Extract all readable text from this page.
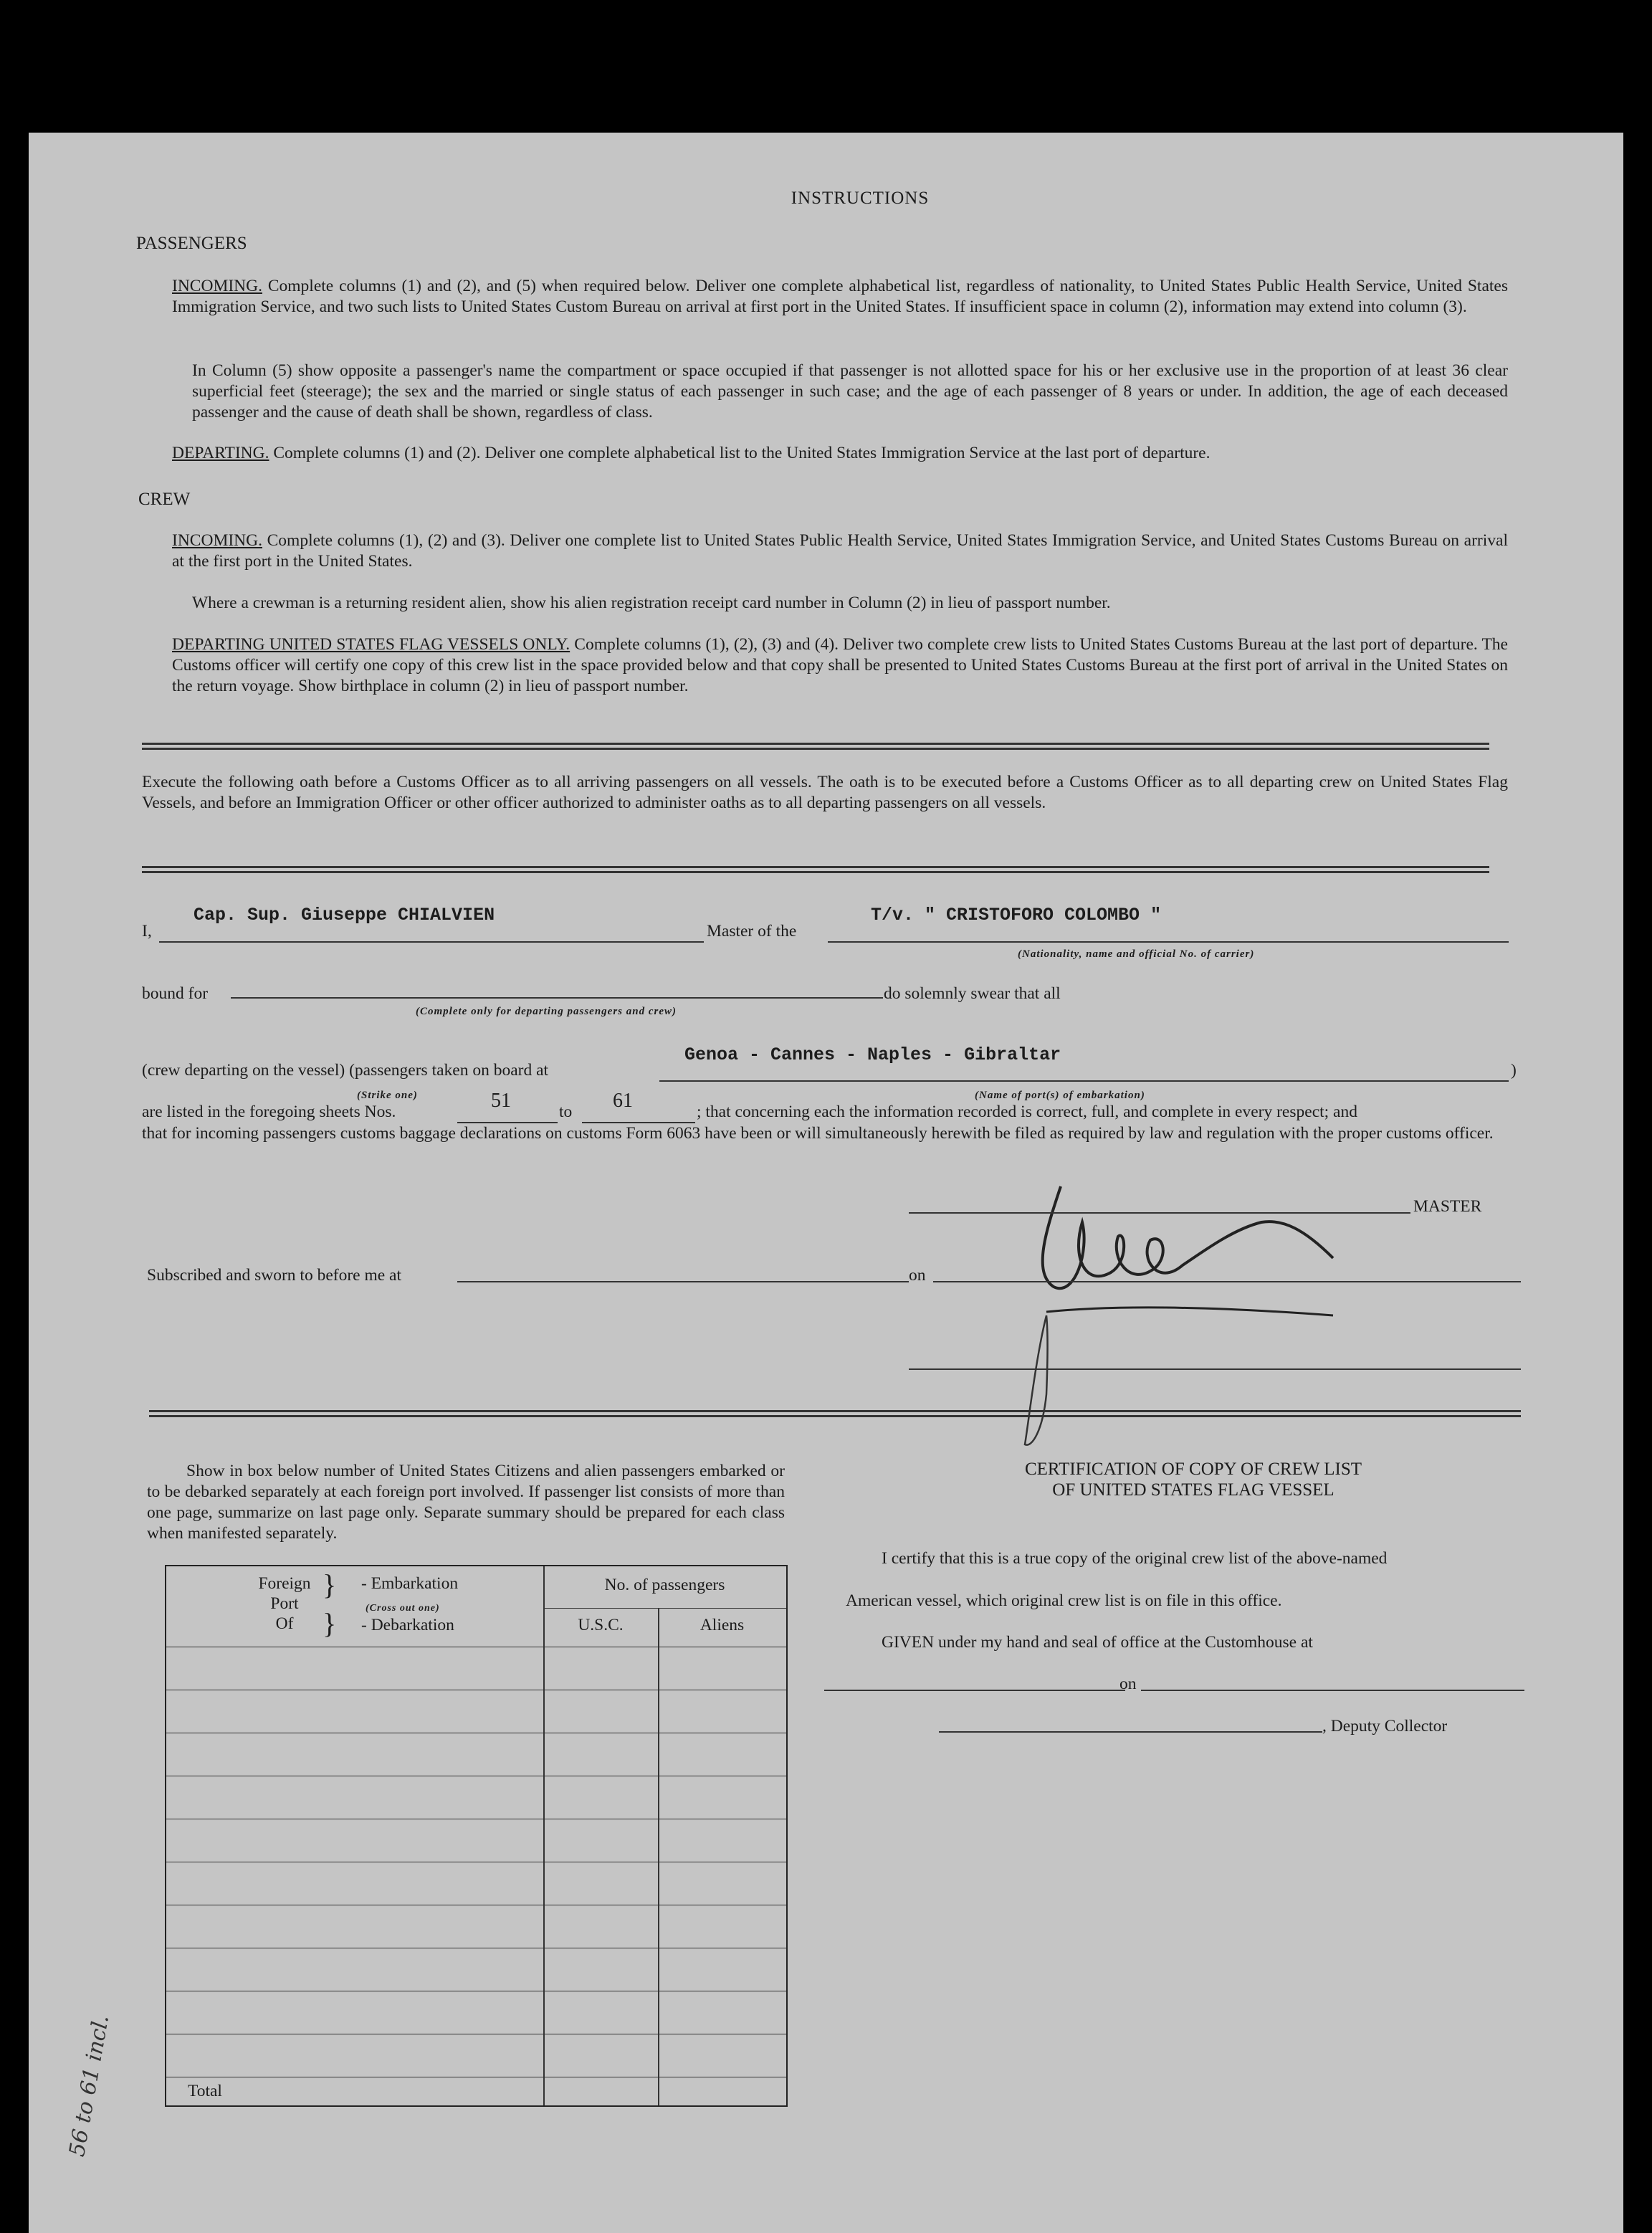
INSTRUCTIONS
PASSENGERS
INCOMING. Complete columns (1) and (2), and (5) when required below. Deliver one complete alphabetical list, regardless of nationality, to United States Public Health Service, United States Immigration Service, and two such lists to United States Custom Bureau on arrival at first port in the United States. If insufficient space in column (2), information may extend into column (3).
In Column (5) show opposite a passenger's name the compartment or space occupied if that passenger is not allotted space for his or her exclusive use in the proportion of at least 36 clear superficial feet (steerage); the sex and the married or single status of each passenger in such case; and the age of each passenger of 8 years or under. In addition, the age of each deceased passenger and the cause of death shall be shown, regardless of class.
DEPARTING. Complete columns (1) and (2). Deliver one complete alphabetical list to the United States Immigration Service at the last port of departure.
CREW
INCOMING. Complete columns (1), (2) and (3). Deliver one complete list to United States Public Health Service, United States Immigration Service, and United States Customs Bureau on arrival at the first port in the United States.
Where a crewman is a returning resident alien, show his alien registration receipt card number in Column (2) in lieu of passport number.
DEPARTING UNITED STATES FLAG VESSELS ONLY. Complete columns (1), (2), (3) and (4). Deliver two complete crew lists to United States Customs Bureau at the last port of departure. The Customs officer will certify one copy of this crew list in the space provided below and that copy shall be presented to United States Customs Bureau at the first port of arrival in the United States on the return voyage. Show birthplace in column (2) in lieu of passport number.
Execute the following oath before a Customs Officer as to all arriving passengers on all vessels. The oath is to be executed before a Customs Officer as to all departing crew on United States Flag Vessels, and before an Immigration Officer or other officer authorized to administer oaths as to all departing passengers on all vessels.
I,
Cap. Sup. Giuseppe CHIALVIEN
Master of the
T/v. " CRISTOFORO COLOMBO "
(Nationality, name and official No. of carrier)
bound for
(Complete only for departing passengers and crew)
do solemnly swear that all
Genoa - Cannes - Naples - Gibraltar
(crew departing on the vessel) (passengers taken on board at	)
(Strike one)	(Name of port(s) of embarkation)
are listed in the foregoing sheets Nos.	51	to 61	; that concerning each the information recorded is correct, full, and complete in every respect; and
that for incoming passengers customs baggage declarations on customs Form 6063 have been or will simultaneously herewith be filed as required by law and regulation with the proper customs officer.
MASTER
Subscribed and sworn to before me at	on
Show in box below number of United States Citizens and alien passengers embarked or to be debarked separately at each foreign port involved. If passenger list consists of more than one page, summarize on last page only. Separate summary should be prepared for each class when manifested separately.
Foreign
Port
Of
}
}
- Embarkation
(Cross out one)
- Debarkation
No. of passengers
U.S.C.	Aliens
Total
CERTIFICATION OF COPY OF CREW LIST
OF UNITED STATES FLAG VESSEL
I certify that this is a true copy of the original crew list of the above-named
American vessel, which original crew list is on file in this office.
GIVEN under my hand and seal of office at the Customhouse at
on
, Deputy Collector
56 to 61 incl.
